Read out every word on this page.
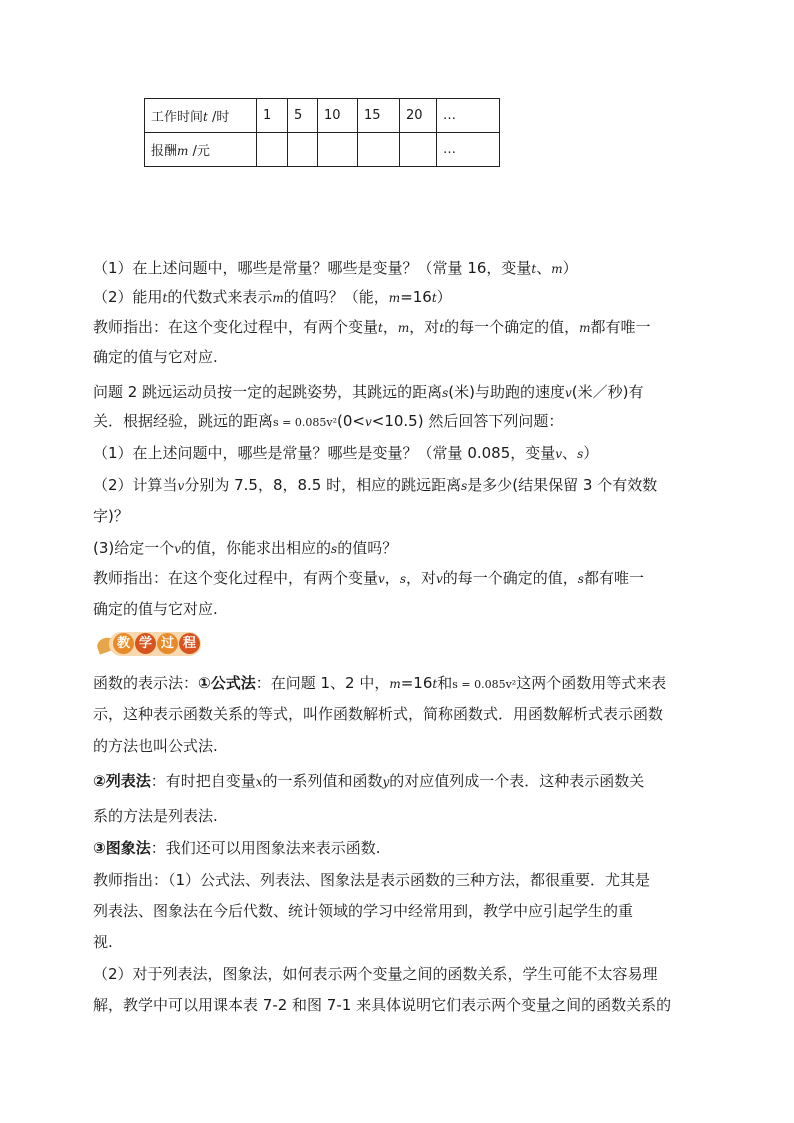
工作时间t /时	1	5	10	15	20	…
报酬m /元						…
（1）在上述问题中，哪些是常量？哪些是变量？（常量 16，变量t、m）
（2）能用t的代数式来表示m的值吗？（能，m=16t）
教师指出：在这个变化过程中，有两个变量t，m，对t的每一个确定的值，m都有唯一
确定的值与它对应.
问题 2 跳远运动员按一定的起跳姿势，其跳远的距离s(米)与助跑的速度v(米／秒)有
关．根据经验，跳远的距离s = 0.085v²(0<v<10.5) 然后回答下列问题：
（1）在上述问题中，哪些是常量？哪些是变量？（常量 0.085，变量v、s）
（2）计算当v分别为 7.5，8，8.5 时，相应的跳远距离s是多少(结果保留 3 个有效数
字)？
(3)给定一个v的值，你能求出相应的s的值吗？
教师指出：在这个变化过程中，有两个变量v，s，对v的每一个确定的值，s都有唯一
确定的值与它对应.
教 学 过 程
函数的表示法：①公式法：在问题 1、2 中，m=16t和s = 0.085v²这两个函数用等式来表
示，这种表示函数关系的等式，叫作函数解析式，简称函数式．用函数解析式表示函数
的方法也叫公式法.
②列表法：有时把自变量x的一系列值和函数y的对应值列成一个表．这种表示函数关
系的方法是列表法.
③图象法：我们还可以用图象法来表示函数.
教师指出：（1）公式法、列表法、图象法是表示函数的三种方法，都很重要．尤其是
列表法、图象法在今后代数、统计领域的学习中经常用到，教学中应引起学生的重
视.
（2）对于列表法，图象法，如何表示两个变量之间的函数关系，学生可能不太容易理
解，教学中可以用课本表 7-2 和图 7-1 来具体说明它们表示两个变量之间的函数关系的
